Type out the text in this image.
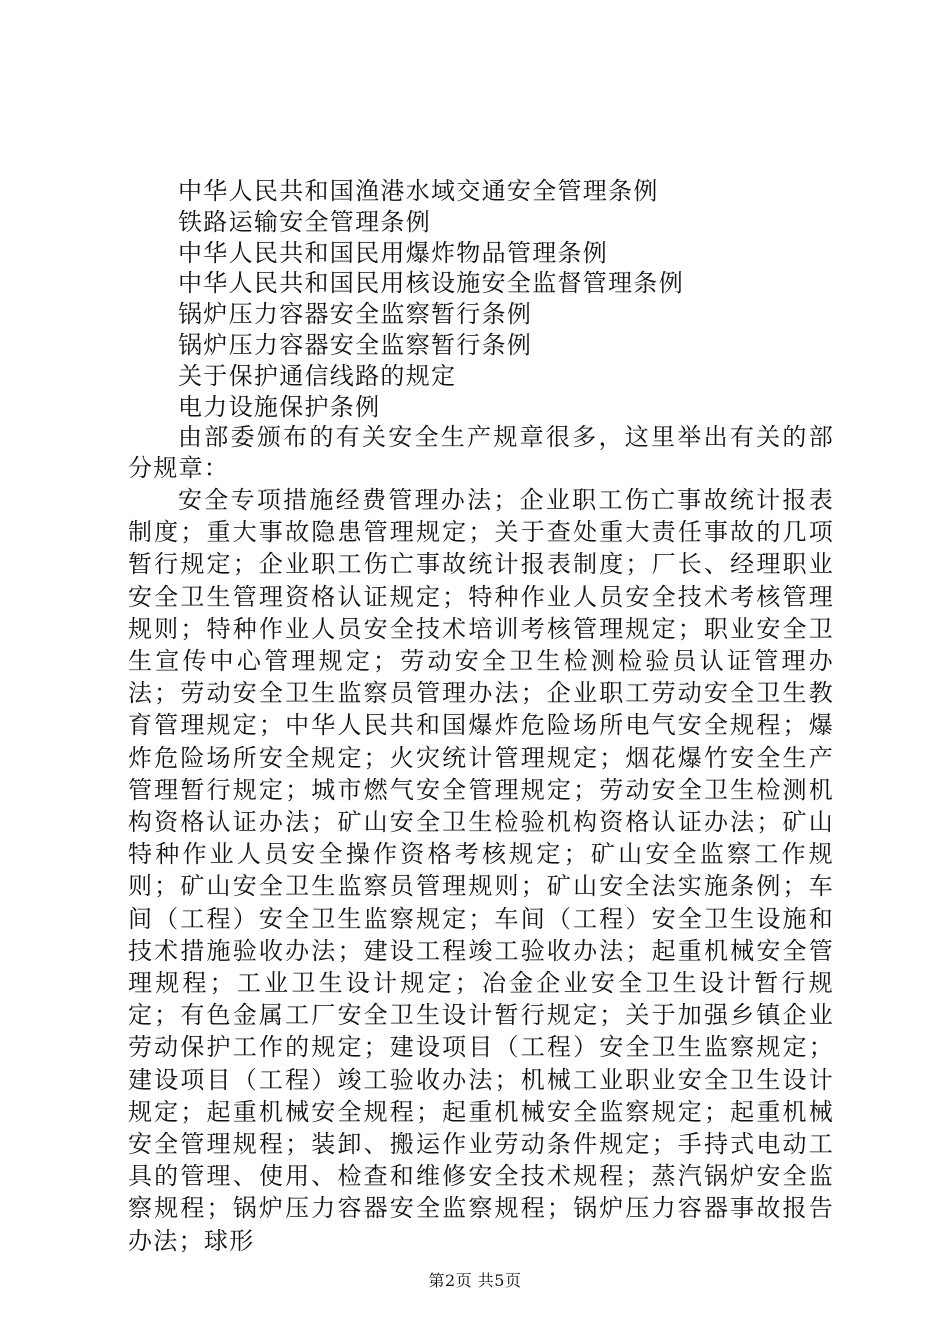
中华人民共和国渔港水域交通安全管理条例

铁路运输安全管理条例

中华人民共和国民用爆炸物品管理条例

中华人民共和国民用核设施安全监督管理条例

锅炉压力容器安全监察暂行条例

锅炉压力容器安全监察暂行条例

关于保护通信线路的规定

电力设施保护条例

由部委颁布的有关安全生产规章很多，这里举出有关的部分规章：

安全专项措施经费管理办法；企业职工伤亡事故统计报表制度；重大事故隐患管理规定；关于查处重大责任事故的几项暂行规定；企业职工伤亡事故统计报表制度；厂长、经理职业安全卫生管理资格认证规定；特种作业人员安全技术考核管理规则；特种作业人员安全技术培训考核管理规定；职业安全卫生宣传中心管理规定；劳动安全卫生检测检验员认证管理办法；劳动安全卫生监察员管理办法；企业职工劳动安全卫生教育管理规定；中华人民共和国爆炸危险场所电气安全规程；爆炸危险场所安全规定；火灾统计管理规定；烟花爆竹安全生产管理暂行规定；城市燃气安全管理规定；劳动安全卫生检测机构资格认证办法；矿山安全卫生检验机构资格认证办法；矿山特种作业人员安全操作资格考核规定；矿山安全监察工作规则；矿山安全卫生监察员管理规则；矿山安全法实施条例；车间（工程）安全卫生监察规定；车间（工程）安全卫生设施和技术措施验收办法；建设工程竣工验收办法；起重机械安全管理规程；工业卫生设计规定；冶金企业安全卫生设计暂行规定；有色金属工厂安全卫生设计暂行规定；关于加强乡镇企业劳动保护工作的规定；建设项目（工程）安全卫生监察规定；建设项目（工程）竣工验收办法；机械工业职业安全卫生设计规定；起重机械安全规程；起重机械安全监察规定；起重机械安全管理规程；装卸、搬运作业劳动条件规定；手持式电动工具的管理、使用、检查和维修安全技术规程；蒸汽锅炉安全监察规程；锅炉压力容器安全监察规程；锅炉压力容器事故报告办法；球形

第2页 共5页
